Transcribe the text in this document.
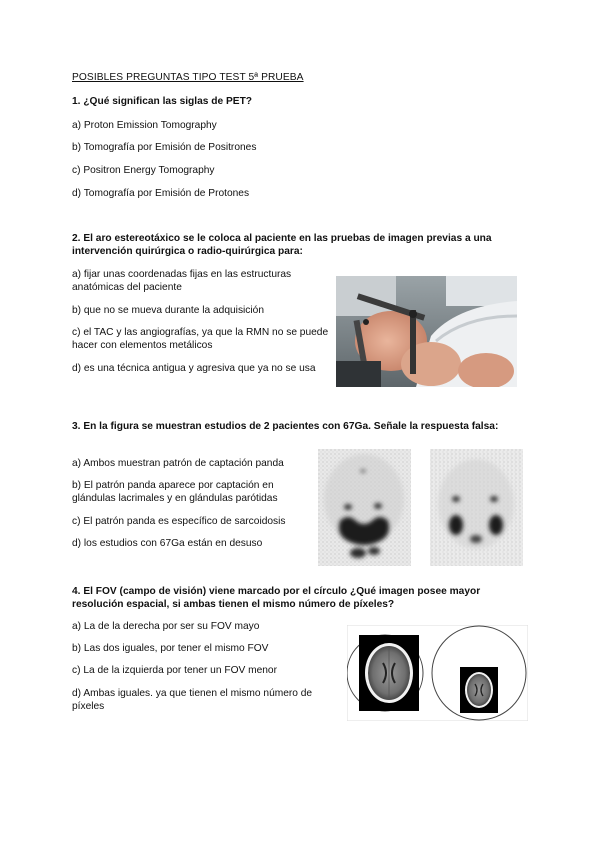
POSIBLES PREGUNTAS TIPO TEST 5ª PRUEBA
1. ¿Qué significan las siglas de PET?
a) Proton Emission Tomography
b) Tomografía por Emisión de Positrones
c) Positron Energy Tomography
d) Tomografía por Emisión de Protones
2. El aro estereotáxico se le coloca al paciente en las pruebas de imagen previas a una intervención quirúrgica o radio-quirúrgica para:
a) fijar unas coordenadas fijas en las estructuras anatómicas del paciente
b) que no se mueva durante la adquisición
c) el TAC y las angiografías, ya que la RMN no se puede hacer con elementos metálicos
d) es una técnica antigua y agresiva que ya no se usa
3. En la figura se muestran estudios de 2 pacientes con 67Ga. Señale la respuesta falsa:
a) Ambos muestran patrón de captación panda
b) El patrón panda aparece por captación en glándulas lacrimales y en glándulas parótidas
c) El patrón panda es específico de sarcoidosis
d) los estudios con 67Ga están en desuso
4. El FOV (campo de visión) viene marcado por el círculo ¿Qué imagen posee mayor resolución espacial, si ambas tienen el mismo número de píxeles?
a) La de la derecha por ser su FOV mayo
b) Las dos iguales, por tener el mismo FOV
c) La de la izquierda por tener un FOV menor
d) Ambas iguales. ya que tienen el mismo número de píxeles
